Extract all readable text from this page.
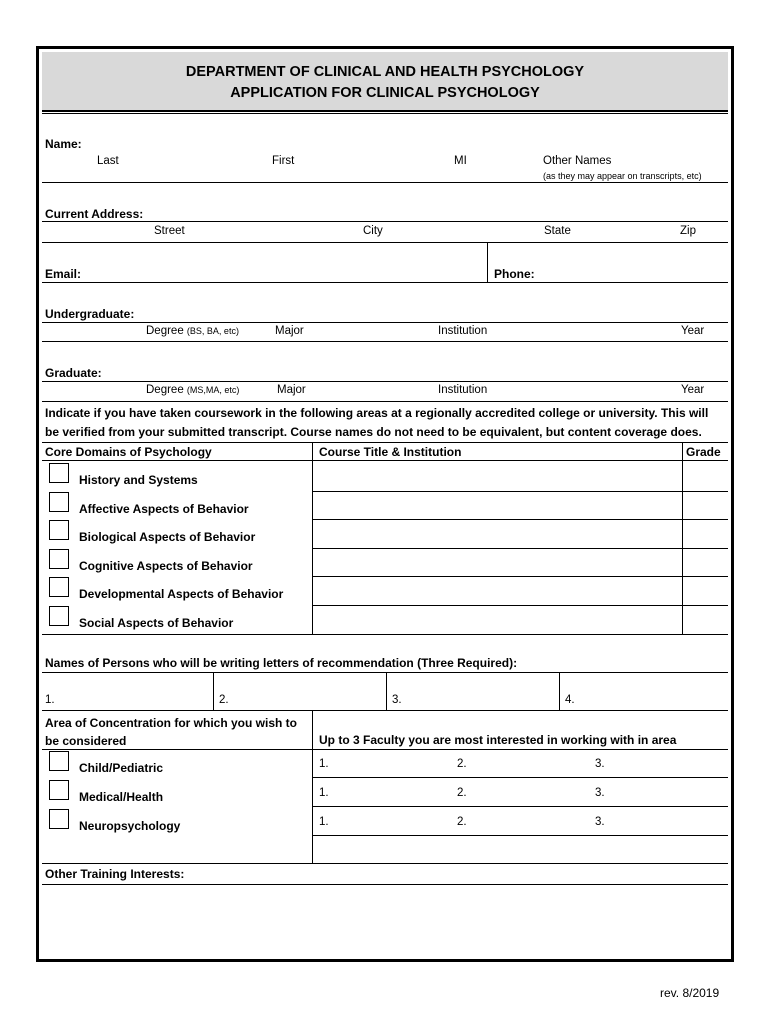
DEPARTMENT OF CLINICAL AND HEALTH PSYCHOLOGY
APPLICATION FOR CLINICAL PSYCHOLOGY
Name:
Last	First	MI	Other Names
(as they may appear on transcripts, etc)
Current Address:
Street	City	State	Zip
Email:	Phone:
Undergraduate:
Degree (BS, BA, etc)	Major	Institution	Year
Graduate:
Degree (MS,MA, etc)	Major	Institution	Year
Indicate if you have taken coursework in the following areas at a regionally accredited college or university. This will
be verified from your submitted transcript. Course names do not need to be equivalent, but content coverage does.
Core Domains of Psychology	Course Title & Institution	Grade
History and Systems
Affective Aspects of Behavior
Biological Aspects of Behavior
Cognitive Aspects of Behavior
Developmental Aspects of Behavior
Social Aspects of Behavior
Names of Persons who will be writing letters of recommendation (Three Required):
1.	2.	3.	4.
Area of Concentration for which you wish to
be considered	Up to 3 Faculty you are most interested in working with in area
Child/Pediatric	1.	2.	3.
Medical/Health	1.	2.	3.
Neuropsychology	1.	2.	3.
Other Training Interests:
rev. 8/2019
